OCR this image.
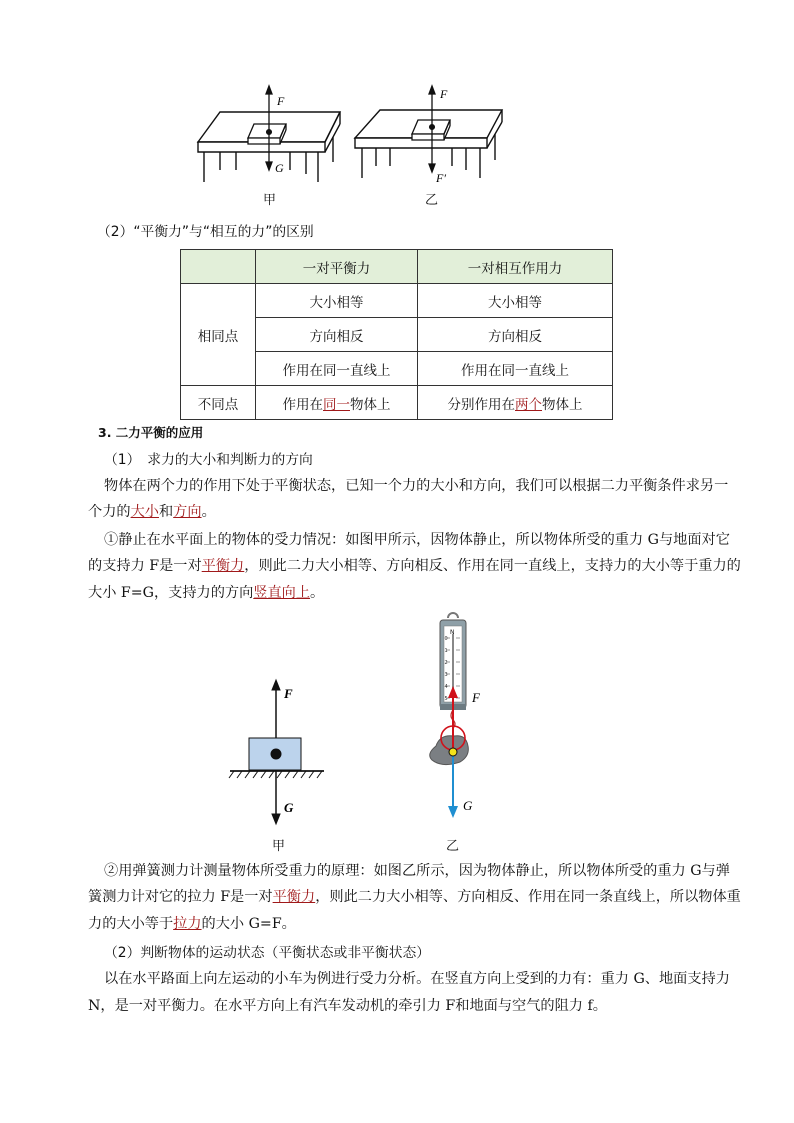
F
G
F
F′
甲	乙
（2）“平衡力”与“相互的力”的区别
	一对平衡力	一对相互作用力
相同点	大小相等	大小相等
	方向相反	方向相反
	作用在同一直线上	作用在同一直线上
不同点	作用在同一物体上	分别作用在两个物体上
3. 二力平衡的应用
（1）　求力的大小和判断力的方向
物体在两个力的作用下处于平衡状态，已知一个力的大小和方向，我们可以根据二力平衡条件求另一
个力的大小和方向。
①静止在水平面上的物体的受力情况：如图甲所示，因物体静止，所以物体所受的重力 G与地面对它
的支持力 F是一对平衡力，则此二力大小相等、方向相反、作用在同一直线上，支持力的大小等于重力的
大小 F=G，支持力的方向竖直向上。
F
G
N
0
1
2
3
4
5 F
G
甲	乙
②用弹簧测力计测量物体所受重力的原理：如图乙所示，因为物体静止，所以物体所受的重力 G与弹
簧测力计对它的拉力 F是一对平衡力，则此二力大小相等、方向相反、作用在同一条直线上，所以物体重
力的大小等于拉力的大小 G=F。
（2）判断物体的运动状态（平衡状态或非平衡状态）
以在水平路面上向左运动的小车为例进行受力分析。在竖直方向上受到的力有：重力 G、地面支持力
N，是一对平衡力。在水平方向上有汽车发动机的牵引力 F和地面与空气的阻力 f。
